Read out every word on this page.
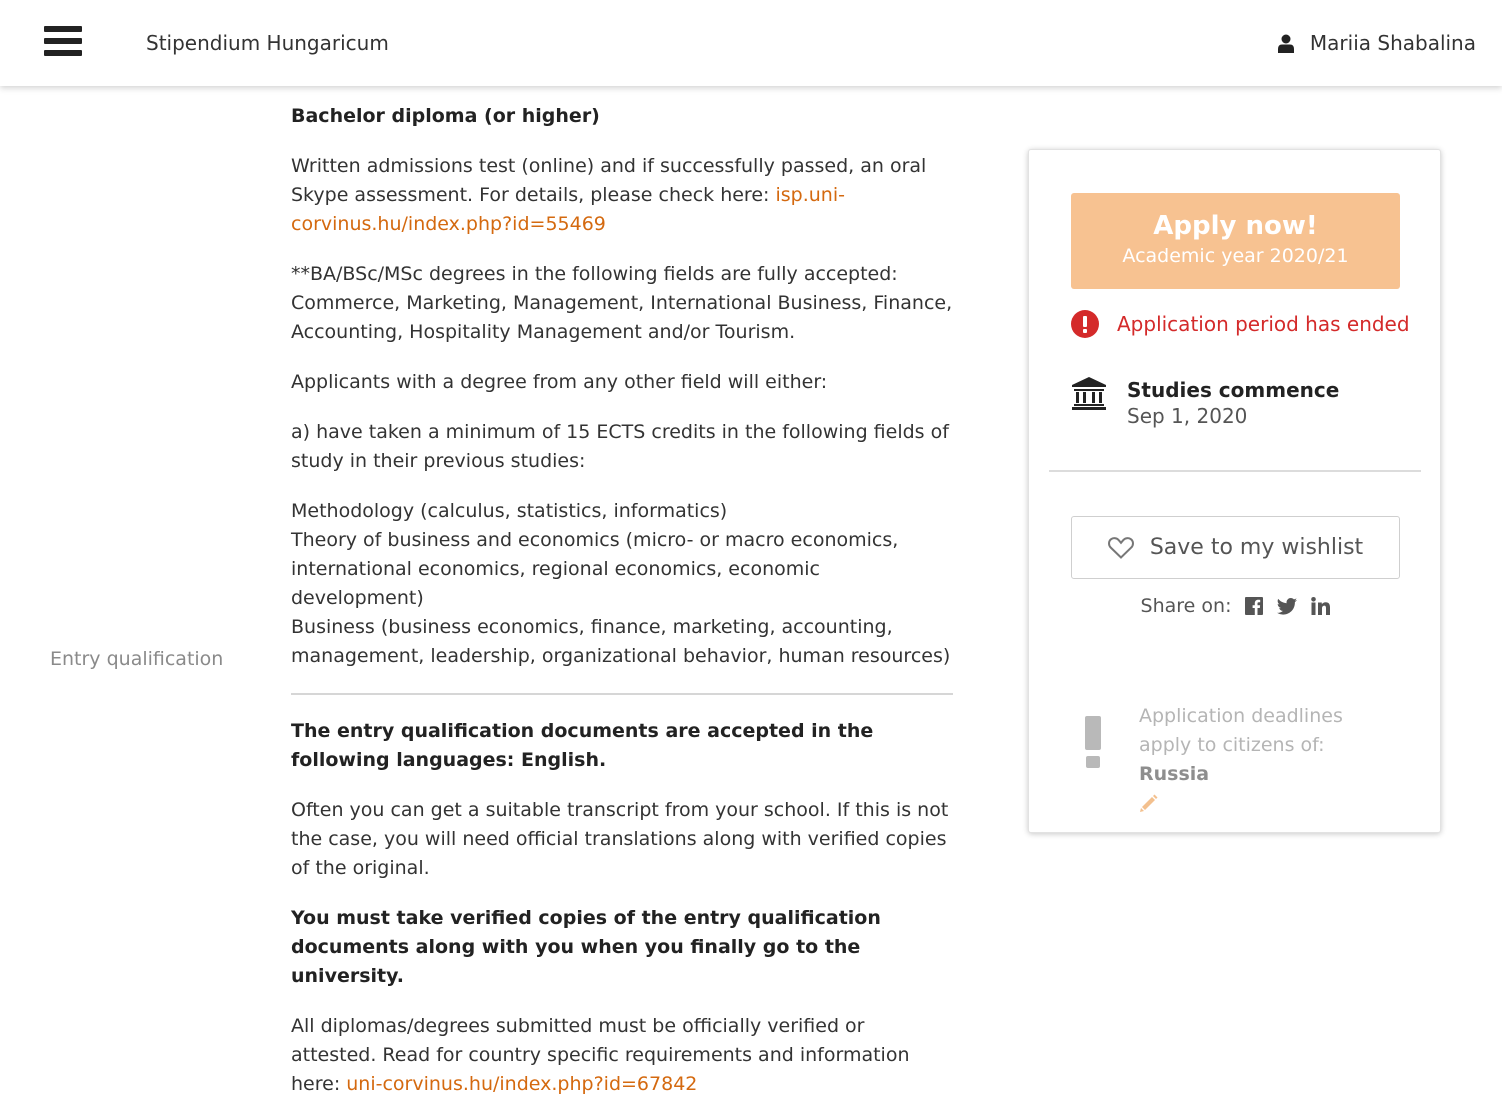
Stipendium Hungaricum	Mariia Shabalina
Entry qualification

Bachelor diploma (or higher)

Written admissions test (online) and if successfully passed, an oral Skype assessment. For details, please check here: isp.uni-corvinus.hu/index.php?id=55469

**BA/BSc/MSc degrees in the following fields are fully accepted: Commerce, Marketing, Management, International Business, Finance, Accounting, Hospitality Management and/or Tourism.

Applicants with a degree from any other field will either:

a) have taken a minimum of 15 ECTS credits in the following fields of study in their previous studies:

Methodology (calculus, statistics, informatics)

Theory of business and economics (micro- or macro economics, international economics, regional economics, economic development)

Business (business economics, finance, marketing, accounting, management, leadership, organizational behavior, human resources)

The entry qualification documents are accepted in the following languages: English.

Often you can get a suitable transcript from your school. If this is not the case, you will need official translations along with verified copies of the original.

You must take verified copies of the entry qualification documents along with you when you finally go to the university.

All diplomas/degrees submitted must be officially verified or attested. Read for country specific requirements and information here: uni-corvinus.hu/index.php?id=67842

Apply now!
Academic year 2020/21
Application period has ended
Studies commence
Sep 1, 2020
Save to my wishlist
Share on:
Application deadlines apply to citizens of: Russia
